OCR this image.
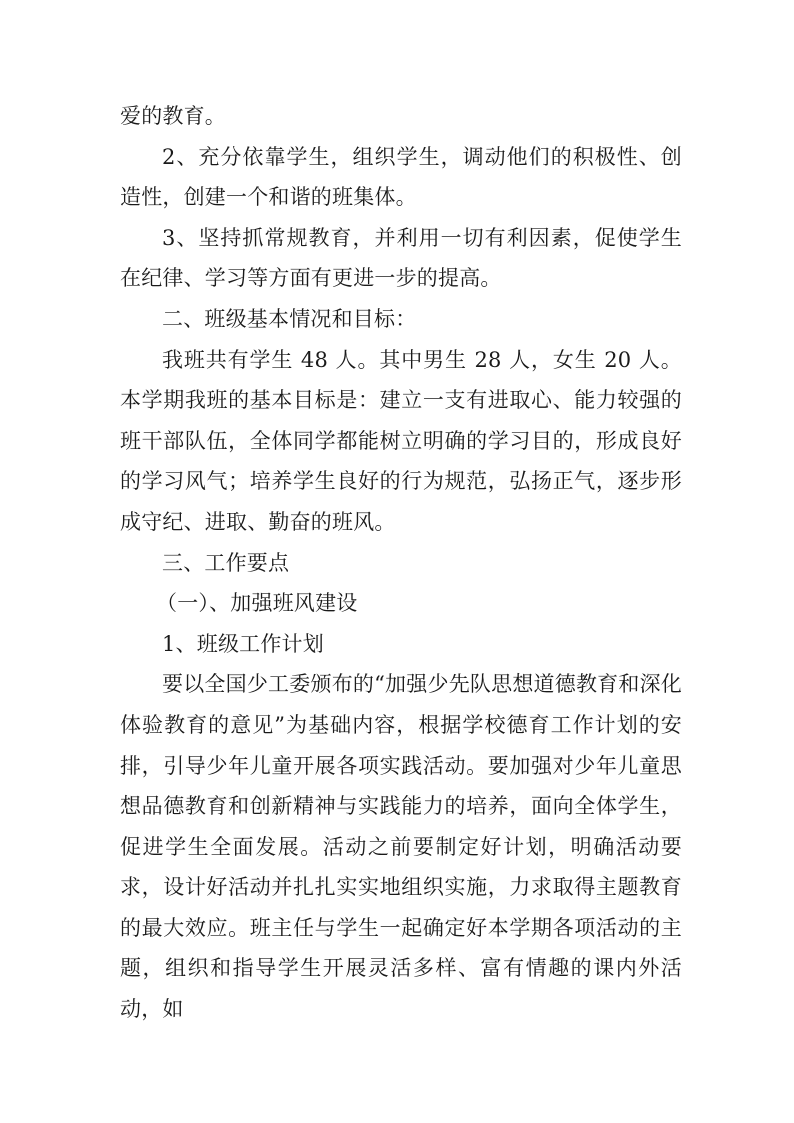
爱的教育。

2、充分依靠学生，组织学生，调动他们的积极性、创造性，创建一个和谐的班集体。

3、坚持抓常规教育，并利用一切有利因素，促使学生在纪律、学习等方面有更进一步的提高。

二、班级基本情况和目标：

我班共有学生 48 人。其中男生 28 人，女生 20 人。本学期我班的基本目标是：建立一支有进取心、能力较强的班干部队伍，全体同学都能树立明确的学习目的，形成良好的学习风气；培养学生良好的行为规范，弘扬正气，逐步形成守纪、进取、勤奋的班风。

三、工作要点

（一）、加强班风建设

1、班级工作计划

要以全国少工委颁布的“加强少先队思想道德教育和深化体验教育的意见”为基础内容，根据学校德育工作计划的安排，引导少年儿童开展各项实践活动。要加强对少年儿童思想品德教育和创新精神与实践能力的培养，面向全体学生，促进学生全面发展。活动之前要制定好计划，明确活动要求，设计好活动并扎扎实实地组织实施，力求取得主题教育的最大效应。班主任与学生一起确定好本学期各项活动的主题，组织和指导学生开展灵活多样、富有情趣的课内外活动，如
